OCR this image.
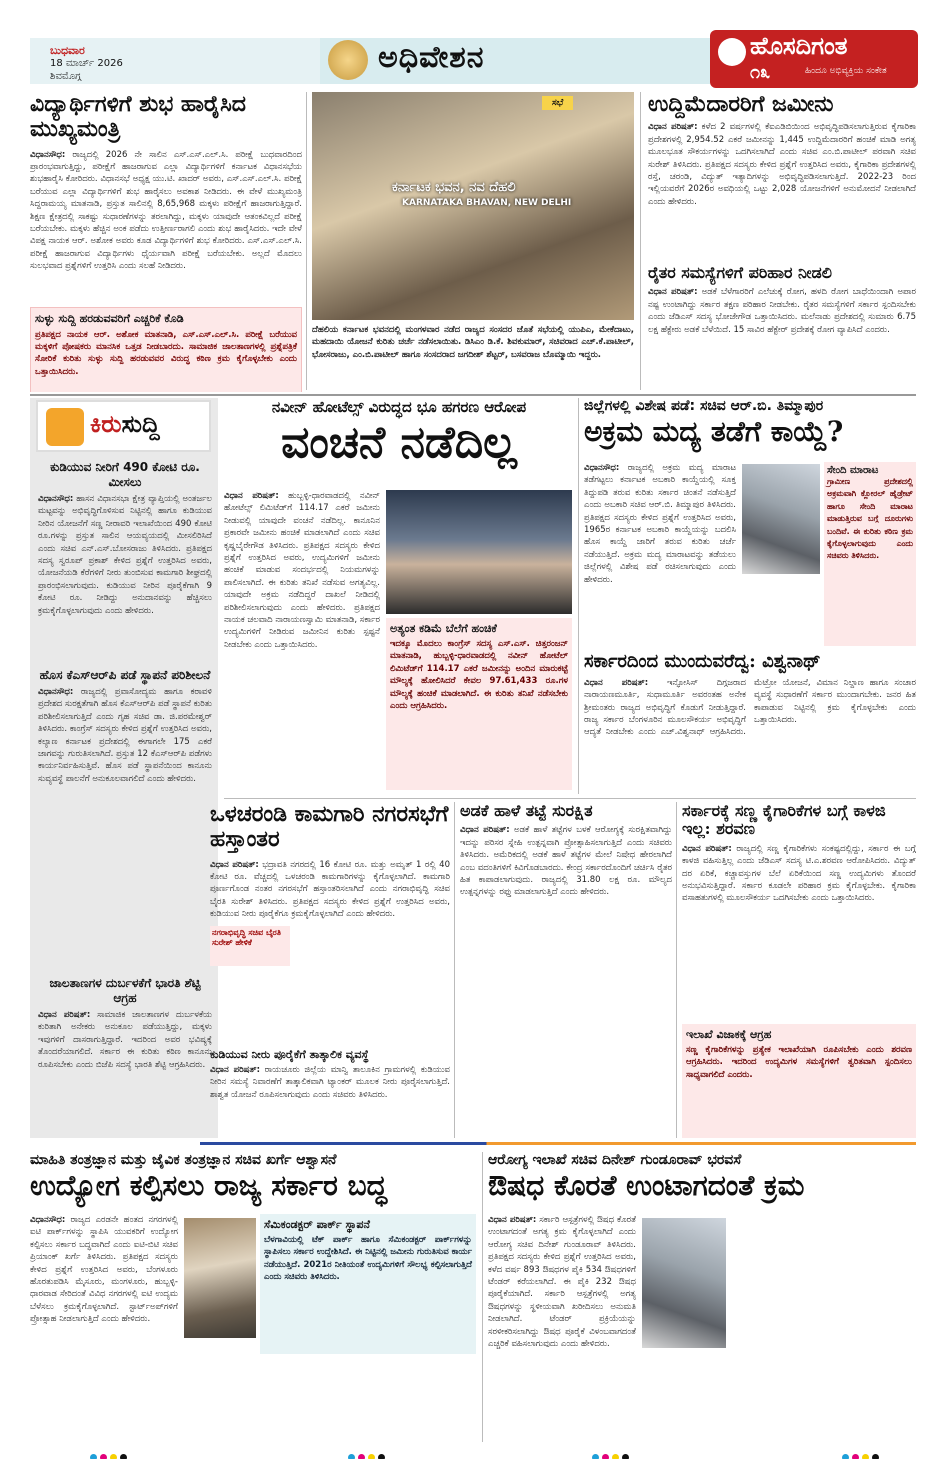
ಬುಧವಾರ
18 ಮಾರ್ಚ್ 2026
ಶಿವಮೊಗ್ಗ
ಅಧಿವೇಶನ	ಹೊಸದಿಗಂತ
೧೩	ಹಿಂದೂ ಅಭಿವ್ಯಕ್ತಿಯ ಸಂಕೇತ
ವಿದ್ಯಾರ್ಥಿಗಳಿಗೆ ಶುಭ ಹಾರೈಸಿದ ಮುಖ್ಯಮಂತ್ರಿ
ವಿಧಾನಸೌಧ: ರಾಜ್ಯದಲ್ಲಿ 2026 ನೇ ಸಾಲಿನ ಎಸ್.ಎಸ್.ಎಲ್.ಸಿ. ಪರೀಕ್ಷೆ ಬುಧವಾರದಿಂದ ಪ್ರಾರಂಭವಾಗುತ್ತಿದ್ದು, ಪರೀಕ್ಷೆಗೆ ಹಾಜರಾಗುವ ಎಲ್ಲಾ ವಿದ್ಯಾರ್ಥಿಗಳಿಗೆ ಕರ್ನಾಟಕ ವಿಧಾನಸಭೆಯ ಶುಭಹಾರೈಸಿ ಕೋರಿದರು. ವಿಧಾನಸಭೆ ಅಧ್ಯಕ್ಷ ಯು.ಟಿ. ಖಾದರ್ ಅವರು, ಎಸ್.ಎಸ್.ಎಲ್.ಸಿ. ಪರೀಕ್ಷೆ ಬರೆಯುವ ಎಲ್ಲಾ ವಿದ್ಯಾರ್ಥಿಗಳಿಗೆ ಶುಭ ಹಾರೈಸಲು ಅವಕಾಶ ನೀಡಿದರು. ಈ ವೇಳೆ ಮುಖ್ಯಮಂತ್ರಿ ಸಿದ್ದರಾಮಯ್ಯ ಮಾತನಾಡಿ, ಪ್ರಸ್ತುತ ಸಾಲಿನಲ್ಲಿ 8,65,968 ಮಕ್ಕಳು ಪರೀಕ್ಷೆಗೆ ಹಾಜರಾಗುತ್ತಿದ್ದಾರೆ. ಶಿಕ್ಷಣ ಕ್ಷೇತ್ರದಲ್ಲಿ ಸಾಕಷ್ಟು ಸುಧಾರಣೆಗಳನ್ನು ತರಲಾಗಿದ್ದು, ಮಕ್ಕಳು ಯಾವುದೇ ಆತಂಕವಿಲ್ಲದೆ ಪರೀಕ್ಷೆ ಬರೆಯಬೇಕು. ಮಕ್ಕಳು ಹೆಚ್ಚಿನ ಅಂಕ ಪಡೆದು ಉತ್ತೀರ್ಣರಾಗಲಿ ಎಂದು ಶುಭ ಹಾರೈಸಿದರು. ಇದೇ ವೇಳೆ ವಿಪಕ್ಷ ನಾಯಕ ಆರ್. ಅಶೋಕ ಅವರು ಕೂಡ ವಿದ್ಯಾರ್ಥಿಗಳಿಗೆ ಶುಭ ಕೋರಿದರು. ಎಸ್.ಎಸ್.ಎಲ್.ಸಿ. ಪರೀಕ್ಷೆ ಹಾಜರಾಗುವ ವಿದ್ಯಾರ್ಥಿಗಳು ಧೈರ್ಯವಾಗಿ ಪರೀಕ್ಷೆ ಬರೆಯಬೇಕು. ಅಲ್ಲದೆ ಮೊದಲು ಸುಲಭವಾದ ಪ್ರಶ್ನೆಗಳಿಗೆ ಉತ್ತರಿಸಿ ಎಂದು ಸಲಹೆ ನೀಡಿದರು.
ಸುಳ್ಳು ಸುದ್ದಿ ಹರಡುವವರಿಗೆ ಎಚ್ಚರಿಕೆ ಕೊಡಿ
ಪ್ರತಿಪಕ್ಷದ ನಾಯಕ ಆರ್. ಅಶೋಕ ಮಾತನಾಡಿ, ಎಸ್.ಎಸ್.ಎಲ್.ಸಿ. ಪರೀಕ್ಷೆ ಬರೆಯುವ ಮಕ್ಕಳಿಗೆ ಪೋಷಕರು ಮಾನಸಿಕ ಒತ್ತಡ ನೀಡಬಾರದು. ಸಾಮಾಜಿಕ ಜಾಲತಾಣಗಳಲ್ಲಿ ಪ್ರಶ್ನೆಪತ್ರಿಕೆ ಸೋರಿಕೆ ಕುರಿತು ಸುಳ್ಳು ಸುದ್ದಿ ಹರಡುವವರ ವಿರುದ್ಧ ಕಠಿಣ ಕ್ರಮ ಕೈಗೊಳ್ಳಬೇಕು ಎಂದು ಒತ್ತಾಯಿಸಿದರು.
ಸಭೆ
ಕರ್ನಾಟಕ ಭವನ, ನವ ದೆಹಲಿ
KARNATAKA BHAVAN, NEW DELHI
ದೆಹಲಿಯ ಕರ್ನಾಟಕ ಭವನದಲ್ಲಿ ಮಂಗಳವಾರ ನಡೆದ ರಾಜ್ಯದ ಸಂಸದರ ಜೊತೆ ಸಭೆಯಲ್ಲಿ ಯುಪಿಎ, ಮೇಕೆದಾಟು, ಮಹದಾಯಿ ಯೋಜನೆ ಕುರಿತು ಚರ್ಚೆ ನಡೆಸಲಾಯಿತು. ಡಿಸಿಎಂ ಡಿ.ಕೆ. ಶಿವಕುಮಾರ್, ಸಚಿವರಾದ ಎಚ್.ಕೆ.ಪಾಟೀಲ್, ಭೋಸರಾಜು, ಎಂ.ಬಿ.ಪಾಟೀಲ್ ಹಾಗೂ ಸಂಸದರಾದ ಜಗದೀಶ್ ಶೆಟ್ಟರ್, ಬಸವರಾಜ ಬೊಮ್ಮಾಯಿ ಇದ್ದರು.
ಉದ್ದಿಮೆದಾರರಿಗೆ ಜಮೀನು
ವಿಧಾನ ಪರಿಷತ್: ಕಳೆದ 2 ವರ್ಷಗಳಲ್ಲಿ ಕೆಐಎಡಿಬಿಯಿಂದ ಅಭಿವೃದ್ಧಿಪಡಿಸಲಾಗುತ್ತಿರುವ ಕೈಗಾರಿಕಾ ಪ್ರದೇಶಗಳಲ್ಲಿ 2,954.52 ಎಕರೆ ಜಮೀನನ್ನು 1,445 ಉದ್ದಿಮೆದಾರರಿಗೆ ಹಂಚಿಕೆ ಮಾಡಿ ಅಗತ್ಯ ಮೂಲಭೂತ ಸೌಕರ್ಯಗಳನ್ನು ಒದಗಿಸಲಾಗಿದೆ ಎಂದು ಸಚಿವ ಎಂ.ಬಿ.ಪಾಟೀಲ್ ಪರವಾಗಿ ಸಚಿವ ಸುರೇಶ್ ತಿಳಿಸಿದರು. ಪ್ರತಿಪಕ್ಷದ ಸದಸ್ಯರು ಕೇಳಿದ ಪ್ರಶ್ನೆಗೆ ಉತ್ತರಿಸಿದ ಅವರು, ಕೈಗಾರಿಕಾ ಪ್ರದೇಶಗಳಲ್ಲಿ ರಸ್ತೆ, ಚರಂಡಿ, ವಿದ್ಯುತ್ ಇತ್ಯಾದಿಗಳನ್ನು ಅಭಿವೃದ್ಧಿಪಡಿಸಲಾಗುತ್ತಿದೆ. 2022-23 ರಿಂದ ಇಲ್ಲಿಯವರೆಗೆ 2026ರ ಅವಧಿಯಲ್ಲಿ ಒಟ್ಟು 2,028 ಯೋಜನೆಗಳಿಗೆ ಅನುಮೋದನೆ ನೀಡಲಾಗಿದೆ ಎಂದು ಹೇಳಿದರು.
ರೈತರ ಸಮಸ್ಯೆಗಳಿಗೆ ಪರಿಹಾರ ನೀಡಲಿ
ವಿಧಾನ ಪರಿಷತ್: ಅಡಕೆ ಬೆಳೆಗಾರರಿಗೆ ಎಲೆಚುಕ್ಕೆ ರೋಗ, ಹಳದಿ ರೋಗ ಬಾಧೆಯಿಂದಾಗಿ ಅಪಾರ ನಷ್ಟ ಉಂಟಾಗಿದ್ದು ಸರ್ಕಾರ ತಕ್ಷಣ ಪರಿಹಾರ ನೀಡಬೇಕು. ರೈತರ ಸಮಸ್ಯೆಗಳಿಗೆ ಸರ್ಕಾರ ಸ್ಪಂದಿಸಬೇಕು ಎಂದು ಜೆಡಿಎಸ್ ಸದಸ್ಯ ಭೋಜೇಗೌಡ ಒತ್ತಾಯಿಸಿದರು. ಮಲೆನಾಡು ಪ್ರದೇಶದಲ್ಲಿ ಸುಮಾರು 6.75 ಲಕ್ಷ ಹೆಕ್ಟೇರು ಅಡಕೆ ಬೆಳೆಯಿದೆ. 15 ಸಾವಿರ ಹೆಕ್ಟೇರ್ ಪ್ರದೇಶಕ್ಕೆ ರೋಗ ವ್ಯಾಪಿಸಿದೆ ಎಂದರು.
ಕಿರುಸುದ್ದಿ
ಕುಡಿಯುವ ನೀರಿಗೆ 490 ಕೋಟಿ ರೂ. ಮೀಸಲು
ವಿಧಾನಸೌಧ: ಹಾಸನ ವಿಧಾನಸಭಾ ಕ್ಷೇತ್ರ ವ್ಯಾಪ್ತಿಯಲ್ಲಿ ಅಂತರ್ಜಲ ಮಟ್ಟವನ್ನು ಅಭಿವೃದ್ಧಿಗೊಳಿಸುವ ನಿಟ್ಟಿನಲ್ಲಿ ಹಾಗೂ ಕುಡಿಯುವ ನೀರಿನ ಯೋಜನೆಗೆ ಸಣ್ಣ ನೀರಾವರಿ ಇಲಾಖೆಯಿಂದ 490 ಕೋಟಿ ರೂ.ಗಳನ್ನು ಪ್ರಸ್ತುತ ಸಾಲಿನ ಆಯವ್ಯಯದಲ್ಲಿ ಮೀಸಲಿರಿಸಿದೆ ಎಂದು ಸಚಿವ ಎನ್.ಎಸ್.ಬೋಸರಾಜು ತಿಳಿಸಿದರು. ಪ್ರತಿಪಕ್ಷದ ಸದಸ್ಯ ಸ್ವರೂಪ್ ಪ್ರಕಾಶ್ ಕೇಳಿದ ಪ್ರಶ್ನೆಗೆ ಉತ್ತರಿಸಿದ ಅವರು, ಯೋಜನೆಯಡಿ ಕೆರೆಗಳಿಗೆ ನೀರು ತುಂಬಿಸುವ ಕಾಮಗಾರಿ ಶೀಘ್ರದಲ್ಲಿ ಪ್ರಾರಂಭಿಸಲಾಗುವುದು. ಕುಡಿಯುವ ನೀರಿನ ಪೂರೈಕೆಗಾಗಿ 9 ಕೋಟಿ ರೂ. ನೀಡಿದ್ದು ಅನುದಾನವನ್ನು ಹೆಚ್ಚಿಸಲು ಕ್ರಮಕೈಗೊಳ್ಳಲಾಗುವುದು ಎಂದು ಹೇಳಿದರು.
ಹೊಸ ಕೆಎಸ್ಆರ್‌ಪಿ ಪಡೆ ಸ್ಥಾಪನೆ ಪರಿಶೀಲನೆ
ವಿಧಾನಸೌಧ: ರಾಜ್ಯದಲ್ಲಿ ಪ್ರವಾಸೋದ್ಯಮ ಹಾಗೂ ಕರಾವಳಿ ಪ್ರದೇಶದ ಸುರಕ್ಷತೆಗಾಗಿ ಹೊಸ ಕೆಎಸ್ಆರ್‌ಪಿ ಪಡೆ ಸ್ಥಾಪನೆ ಕುರಿತು ಪರಿಶೀಲಿಸಲಾಗುತ್ತಿದೆ ಎಂದು ಗೃಹ ಸಚಿವ ಡಾ. ಜಿ.ಪರಮೇಶ್ವರ್ ತಿಳಿಸಿದರು. ಕಾಂಗ್ರೆಸ್ ಸದಸ್ಯರು ಕೇಳಿದ ಪ್ರಶ್ನೆಗೆ ಉತ್ತರಿಸಿದ ಅವರು, ಕಲ್ಯಾಣ ಕರ್ನಾಟಕ ಪ್ರದೇಶದಲ್ಲಿ ಈಗಾಗಲೇ 175 ಎಕರೆ ಜಾಗವನ್ನು ಗುರುತಿಸಲಾಗಿದೆ. ಪ್ರಸ್ತುತ 12 ಕೆಎಸ್ಆರ್‌ಪಿ ಪಡೆಗಳು ಕಾರ್ಯನಿರ್ವಹಿಸುತ್ತಿವೆ. ಹೊಸ ಪಡೆ ಸ್ಥಾಪನೆಯಿಂದ ಕಾನೂನು ಸುವ್ಯವಸ್ಥೆ ಪಾಲನೆಗೆ ಅನುಕೂಲವಾಗಲಿದೆ ಎಂದು ಹೇಳಿದರು.
ಜಾಲತಾಣಗಳ ದುರ್ಬಳಕೆಗೆ ಭಾರತಿ ಶೆಟ್ಟಿ ಆಗ್ರಹ
ವಿಧಾನ ಪರಿಷತ್: ಸಾಮಾಜಿಕ ಜಾಲತಾಣಗಳ ದುರ್ಬಳಕೆಯ ಕುರಿತಾಗಿ ಅನೇಕರು ಅನುಕೂಲ ಪಡೆಯುತ್ತಿದ್ದು, ಮಕ್ಕಳು ಇವುಗಳಿಗೆ ದಾಸರಾಗುತ್ತಿದ್ದಾರೆ. ಇದರಿಂದ ಅವರ ಭವಿಷ್ಯಕ್ಕೆ ತೊಂದರೆಯಾಗಲಿದೆ. ಸರ್ಕಾರ ಈ ಕುರಿತು ಕಠಿಣ ಕಾನೂನು ರೂಪಿಸಬೇಕು ಎಂದು ಬಿಜೆಪಿ ಸದಸ್ಯೆ ಭಾರತಿ ಶೆಟ್ಟಿ ಆಗ್ರಹಿಸಿದರು.
ನವೀನ್ ಹೋಟೆಲ್ಸ್ ವಿರುದ್ಧದ ಭೂ ಹಗರಣ ಆರೋಪ
ವಂಚನೆ ನಡೆದಿಲ್ಲ
ವಿಧಾನ ಪರಿಷತ್: ಹುಬ್ಬಳ್ಳಿ-ಧಾರವಾಡದಲ್ಲಿ ನವೀನ್ ಹೋಟೆಲ್ಸ್ ಲಿಮಿಟೆಡ್‌ಗೆ 114.17 ಎಕರೆ ಜಮೀನು ನೀಡುವಲ್ಲಿ ಯಾವುದೇ ವಂಚನೆ ನಡೆದಿಲ್ಲ. ಕಾನೂನಿನ ಪ್ರಕಾರವೇ ಜಮೀನು ಹಂಚಿಕೆ ಮಾಡಲಾಗಿದೆ ಎಂದು ಸಚಿವ ಕೃಷ್ಣಬೈರೇಗೌಡ ತಿಳಿಸಿದರು. ಪ್ರತಿಪಕ್ಷದ ಸದಸ್ಯರು ಕೇಳಿದ ಪ್ರಶ್ನೆಗೆ ಉತ್ತರಿಸಿದ ಅವರು, ಉದ್ಯಮಿಗಳಿಗೆ ಜಮೀನು ಹಂಚಿಕೆ ಮಾಡುವ ಸಂದರ್ಭದಲ್ಲಿ ನಿಯಮಗಳನ್ನು ಪಾಲಿಸಲಾಗಿದೆ. ಈ ಕುರಿತು ತನಿಖೆ ನಡೆಸುವ ಅಗತ್ಯವಿಲ್ಲ. ಯಾವುದೇ ಅಕ್ರಮ ನಡೆದಿದ್ದರೆ ದಾಖಲೆ ನೀಡಿದಲ್ಲಿ ಪರಿಶೀಲಿಸಲಾಗುವುದು ಎಂದು ಹೇಳಿದರು. ಪ್ರತಿಪಕ್ಷದ ನಾಯಕ ಚಲವಾದಿ ನಾರಾಯಣಸ್ವಾಮಿ ಮಾತನಾಡಿ, ಸರ್ಕಾರ ಉದ್ಯಮಿಗಳಿಗೆ ನೀಡಿರುವ ಜಮೀನಿನ ಕುರಿತು ಸ್ಪಷ್ಟನೆ ನೀಡಬೇಕು ಎಂದು ಒತ್ತಾಯಿಸಿದರು.
ಅತ್ಯಂತ ಕಡಿಮೆ ಬೆಲೆಗೆ ಹಂಚಿಕೆ
ಇದಕ್ಕೂ ಮೊದಲು ಕಾಂಗ್ರೆಸ್ ಸದಸ್ಯ ಎಸ್.ಎಸ್. ಚಿತ್ತರಂಜನ್ ಮಾತನಾಡಿ, ಹುಬ್ಬಳ್ಳಿ-ಧಾರವಾಡದಲ್ಲಿ ನವೀನ್ ಹೋಟೆಲ್ ಲಿಮಿಟೆಡ್‌ಗೆ 114.17 ಎಕರೆ ಜಮೀನನ್ನು ಅಂದಿನ ಮಾರುಕಟ್ಟೆ ಮೌಲ್ಯಕ್ಕೆ ಹೋಲಿಸಿದರೆ ಕೇವಲ 97.61,433 ರೂ.ಗಳ ಮೌಲ್ಯಕ್ಕೆ ಹಂಚಿಕೆ ಮಾಡಲಾಗಿದೆ. ಈ ಕುರಿತು ತನಿಖೆ ನಡೆಸಬೇಕು ಎಂದು ಆಗ್ರಹಿಸಿದರು.
ಜಿಲ್ಲೆಗಳಲ್ಲಿ ವಿಶೇಷ ಪಡೆ: ಸಚಿವ ಆರ್.ಬಿ. ತಿಮ್ಮಾಪುರ
ಅಕ್ರಮ ಮದ್ಯ ತಡೆಗೆ ಕಾಯ್ದೆ?
ವಿಧಾನಸೌಧ: ರಾಜ್ಯದಲ್ಲಿ ಅಕ್ರಮ ಮದ್ಯ ಮಾರಾಟ ತಡೆಗಟ್ಟಲು ಕರ್ನಾಟಕ ಅಬಕಾರಿ ಕಾಯ್ದೆಯಲ್ಲಿ ಸೂಕ್ತ ತಿದ್ದುಪಡಿ ತರುವ ಕುರಿತು ಸರ್ಕಾರ ಚಿಂತನೆ ನಡೆಸುತ್ತಿದೆ ಎಂದು ಅಬಕಾರಿ ಸಚಿವ ಆರ್.ಬಿ. ತಿಮ್ಮಾಪುರ ತಿಳಿಸಿದರು. ಪ್ರತಿಪಕ್ಷದ ಸದಸ್ಯರು ಕೇಳಿದ ಪ್ರಶ್ನೆಗೆ ಉತ್ತರಿಸಿದ ಅವರು, 1965ರ ಕರ್ನಾಟಕ ಅಬಕಾರಿ ಕಾಯ್ದೆಯನ್ನು ಬದಲಿಸಿ ಹೊಸ ಕಾಯ್ದೆ ಜಾರಿಗೆ ತರುವ ಕುರಿತು ಚರ್ಚೆ ನಡೆಯುತ್ತಿದೆ. ಅಕ್ರಮ ಮದ್ಯ ಮಾರಾಟವನ್ನು ತಡೆಯಲು ಜಿಲ್ಲೆಗಳಲ್ಲಿ ವಿಶೇಷ ಪಡೆ ರಚಿಸಲಾಗುವುದು ಎಂದು ಹೇಳಿದರು.
ಸೇಂದಿ ಮಾರಾಟ
ಗ್ರಾಮೀಣ ಪ್ರದೇಶದಲ್ಲಿ ಅಕ್ರಮವಾಗಿ ಕ್ಲೋರಲ್ ಹೈಡ್ರೇಟ್ ಹಾಗೂ ಸೇಂದಿ ಮಾರಾಟ ಮಾಡುತ್ತಿರುವ ಬಗ್ಗೆ ದೂರುಗಳು ಬಂದಿವೆ. ಈ ಕುರಿತು ಕಠಿಣ ಕ್ರಮ ಕೈಗೊಳ್ಳಲಾಗುವುದು ಎಂದು ಸಚಿವರು ತಿಳಿಸಿದರು.
ಸರ್ಕಾರದಿಂದ ಮುಂದುವರೆದ್ವ: ವಿಶ್ವನಾಥ್
ವಿಧಾನ ಪರಿಷತ್: ಇನ್ಫೋಸಿಸ್ ದಿಗ್ಗಜರಾದ ನಾರಾಯಣಮೂರ್ತಿ, ಸುಧಾಮೂರ್ತಿ ಅವರಂತಹ ಅನೇಕ ಶ್ರೀಮಂತರು ರಾಜ್ಯದ ಅಭಿವೃದ್ಧಿಗೆ ಕೊಡುಗೆ ನೀಡುತ್ತಿದ್ದಾರೆ. ರಾಜ್ಯ ಸರ್ಕಾರ ಬೆಂಗಳೂರಿನ ಮೂಲಸೌಕರ್ಯ ಅಭಿವೃದ್ಧಿಗೆ ಆದ್ಯತೆ ನೀಡಬೇಕು ಎಂದು ಎಚ್.ವಿಶ್ವನಾಥ್ ಆಗ್ರಹಿಸಿದರು. ಮೆಟ್ರೋ ಯೋಜನೆ, ವಿಮಾನ ನಿಲ್ದಾಣ ಹಾಗೂ ಸಂಚಾರ ವ್ಯವಸ್ಥೆ ಸುಧಾರಣೆಗೆ ಸರ್ಕಾರ ಮುಂದಾಗಬೇಕು. ಜನರ ಹಿತ ಕಾಪಾಡುವ ನಿಟ್ಟಿನಲ್ಲಿ ಕ್ರಮ ಕೈಗೊಳ್ಳಬೇಕು ಎಂದು ಒತ್ತಾಯಿಸಿದರು.
ಒಳಚರಂಡಿ ಕಾಮಗಾರಿ ನಗರಸಭೆಗೆ ಹಸ್ತಾಂತರ
ವಿಧಾನ ಪರಿಷತ್: ಭದ್ರಾವತಿ ನಗರದಲ್ಲಿ 16 ಕೋಟಿ ರೂ. ಮತ್ತು ಅಮೃತ್ 1 ರಲ್ಲಿ 40 ಕೋಟಿ ರೂ. ವೆಚ್ಚದಲ್ಲಿ ಒಳಚರಂಡಿ ಕಾಮಗಾರಿಗಳನ್ನು ಕೈಗೊಳ್ಳಲಾಗಿದೆ. ಕಾಮಗಾರಿ ಪೂರ್ಣಗೊಂಡ ನಂತರ ನಗರಸಭೆಗೆ ಹಸ್ತಾಂತರಿಸಲಾಗಿದೆ ಎಂದು ನಗರಾಭಿವೃದ್ಧಿ ಸಚಿವ ಬೈರತಿ ಸುರೇಶ್ ತಿಳಿಸಿದರು. ಪ್ರತಿಪಕ್ಷದ ಸದಸ್ಯರು ಕೇಳಿದ ಪ್ರಶ್ನೆಗೆ ಉತ್ತರಿಸಿದ ಅವರು, ಕುಡಿಯುವ ನೀರು ಪೂರೈಕೆಗೂ ಕ್ರಮಕೈಗೊಳ್ಳಲಾಗಿದೆ ಎಂದು ಹೇಳಿದರು.
ನಗರಾಭಿವೃದ್ಧಿ ಸಚಿವ ಬೈರತಿ ಸುರೇಶ್ ಹೇಳಿಕೆ
ಕುಡಿಯುವ ನೀರು ಪೂರೈಕೆಗೆ ತಾತ್ಕಾಲಿಕ ವ್ಯವಸ್ಥೆ
ವಿಧಾನ ಪರಿಷತ್: ರಾಯಚೂರು ಜಿಲ್ಲೆಯ ಮಾನ್ವಿ ತಾಲೂಕಿನ ಗ್ರಾಮಗಳಲ್ಲಿ ಕುಡಿಯುವ ನೀರಿನ ಸಮಸ್ಯೆ ನಿವಾರಣೆಗೆ ತಾತ್ಕಾಲಿಕವಾಗಿ ಟ್ಯಾಂಕರ್ ಮೂಲಕ ನೀರು ಪೂರೈಸಲಾಗುತ್ತಿದೆ. ಶಾಶ್ವತ ಯೋಜನೆ ರೂಪಿಸಲಾಗುವುದು ಎಂದು ಸಚಿವರು ತಿಳಿಸಿದರು.
ಅಡಕೆ ಹಾಳೆ ತಟ್ಟೆ ಸುರಕ್ಷಿತ
ವಿಧಾನ ಪರಿಷತ್: ಅಡಕೆ ಹಾಳೆ ತಟ್ಟೆಗಳ ಬಳಕೆ ಆರೋಗ್ಯಕ್ಕೆ ಸುರಕ್ಷಿತವಾಗಿದ್ದು ಇದನ್ನು ಪರಿಸರ ಸ್ನೇಹಿ ಉತ್ಪನ್ನವಾಗಿ ಪ್ರೋತ್ಸಾಹಿಸಲಾಗುತ್ತಿದೆ ಎಂದು ಸಚಿವರು ತಿಳಿಸಿದರು. ಅಮೆರಿಕದಲ್ಲಿ ಅಡಕೆ ಹಾಳೆ ತಟ್ಟೆಗಳ ಮೇಲೆ ನಿಷೇಧ ಹೇರಲಾಗಿದೆ ಎಂಬ ವದಂತಿಗಳಿಗೆ ಕಿವಿಗೊಡಬಾರದು. ಕೇಂದ್ರ ಸರ್ಕಾರದೊಂದಿಗೆ ಚರ್ಚಿಸಿ ರೈತರ ಹಿತ ಕಾಪಾಡಲಾಗುವುದು. ರಾಜ್ಯದಲ್ಲಿ 31.80 ಲಕ್ಷ ರೂ. ಮೌಲ್ಯದ ಉತ್ಪನ್ನಗಳನ್ನು ರಫ್ತು ಮಾಡಲಾಗುತ್ತಿದೆ ಎಂದು ಹೇಳಿದರು.
ಸರ್ಕಾರಕ್ಕೆ ಸಣ್ಣ ಕೈಗಾರಿಕೆಗಳ ಬಗ್ಗೆ ಕಾಳಜಿ ಇಲ್ಲ: ಶರವಣ
ವಿಧಾನ ಪರಿಷತ್: ರಾಜ್ಯದಲ್ಲಿ ಸಣ್ಣ ಕೈಗಾರಿಕೆಗಳು ಸಂಕಷ್ಟದಲ್ಲಿದ್ದು, ಸರ್ಕಾರ ಈ ಬಗ್ಗೆ ಕಾಳಜಿ ವಹಿಸುತ್ತಿಲ್ಲ ಎಂದು ಜೆಡಿಎಸ್ ಸದಸ್ಯ ಟಿ.ಎ.ಶರವಣ ಆರೋಪಿಸಿದರು. ವಿದ್ಯುತ್ ದರ ಏರಿಕೆ, ಕಚ್ಚಾವಸ್ತುಗಳ ಬೆಲೆ ಏರಿಕೆಯಿಂದ ಸಣ್ಣ ಉದ್ಯಮಿಗಳು ತೊಂದರೆ ಅನುಭವಿಸುತ್ತಿದ್ದಾರೆ. ಸರ್ಕಾರ ಕೂಡಲೇ ಪರಿಹಾರ ಕ್ರಮ ಕೈಗೊಳ್ಳಬೇಕು. ಕೈಗಾರಿಕಾ ವಸಾಹತುಗಳಲ್ಲಿ ಮೂಲಸೌಕರ್ಯ ಒದಗಿಸಬೇಕು ಎಂದು ಒತ್ತಾಯಿಸಿದರು.
ಇಲಾಖೆ ವಿಜಾಕಕ್ಕೆ ಆಗ್ರಹ
ಸಣ್ಣ ಕೈಗಾರಿಕೆಗಳನ್ನು ಪ್ರತ್ಯೇಕ ಇಲಾಖೆಯಾಗಿ ರೂಪಿಸಬೇಕು ಎಂದು ಶರವಣ ಆಗ್ರಹಿಸಿದರು. ಇದರಿಂದ ಉದ್ಯಮಿಗಳ ಸಮಸ್ಯೆಗಳಿಗೆ ತ್ವರಿತವಾಗಿ ಸ್ಪಂದಿಸಲು ಸಾಧ್ಯವಾಗಲಿದೆ ಎಂದರು.
ಮಾಹಿತಿ ತಂತ್ರಜ್ಞಾನ ಮತ್ತು ಜೈವಿಕ ತಂತ್ರಜ್ಞಾನ ಸಚಿವ ಖರ್ಗೆ ಆಶ್ವಾಸನೆ
ಉದ್ಯೋಗ ಕಲ್ಪಿಸಲು ರಾಜ್ಯ ಸರ್ಕಾರ ಬದ್ಧ
ವಿಧಾನಸೌಧ: ರಾಜ್ಯದ ಎರಡನೇ ಹಂತದ ನಗರಗಳಲ್ಲಿ ಐಟಿ ಪಾರ್ಕ್‌ಗಳನ್ನು ಸ್ಥಾಪಿಸಿ ಯುವಕರಿಗೆ ಉದ್ಯೋಗ ಕಲ್ಪಿಸಲು ಸರ್ಕಾರ ಬದ್ಧವಾಗಿದೆ ಎಂದು ಐಟಿ-ಬಿಟಿ ಸಚಿವ ಪ್ರಿಯಾಂಕ್ ಖರ್ಗೆ ತಿಳಿಸಿದರು. ಪ್ರತಿಪಕ್ಷದ ಸದಸ್ಯರು ಕೇಳಿದ ಪ್ರಶ್ನೆಗೆ ಉತ್ತರಿಸಿದ ಅವರು, ಬೆಂಗಳೂರು ಹೊರತುಪಡಿಸಿ ಮೈಸೂರು, ಮಂಗಳೂರು, ಹುಬ್ಬಳ್ಳಿ-ಧಾರವಾಡ ಸೇರಿದಂತೆ ವಿವಿಧ ನಗರಗಳಲ್ಲಿ ಐಟಿ ಉದ್ಯಮ ಬೆಳೆಸಲು ಕ್ರಮಕೈಗೊಳ್ಳಲಾಗಿದೆ. ಸ್ಟಾರ್ಟ್‌ಅಪ್‌ಗಳಿಗೆ ಪ್ರೋತ್ಸಾಹ ನೀಡಲಾಗುತ್ತಿದೆ ಎಂದು ಹೇಳಿದರು.
ಸೆಮಿಕಂಡಕ್ಟರ್ ಪಾರ್ಕ್ ಸ್ಥಾಪನೆ
ಬೆಳಗಾವಿಯಲ್ಲಿ ಟೆಕ್ ಪಾರ್ಕ್ ಹಾಗೂ ಸೆಮಿಕಂಡಕ್ಟರ್ ಪಾರ್ಕ್‌ಗಳನ್ನು ಸ್ಥಾಪಿಸಲು ಸರ್ಕಾರ ಉದ್ದೇಶಿಸಿದೆ. ಈ ನಿಟ್ಟಿನಲ್ಲಿ ಜಮೀನು ಗುರುತಿಸುವ ಕಾರ್ಯ ನಡೆಯುತ್ತಿದೆ. 2021ರ ನೀತಿಯಂತೆ ಉದ್ಯಮಿಗಳಿಗೆ ಸೌಲಭ್ಯ ಕಲ್ಪಿಸಲಾಗುತ್ತಿದೆ ಎಂದು ಸಚಿವರು ತಿಳಿಸಿದರು.
ಆರೋಗ್ಯ ಇಲಾಖೆ ಸಚಿವ ದಿನೇಶ್ ಗುಂಡೂರಾವ್ ಭರವಸೆ
ಔಷಧ ಕೊರತೆ ಉಂಟಾಗದಂತೆ ಕ್ರಮ
ವಿಧಾನ ಪರಿಷತ್: ಸರ್ಕಾರಿ ಆಸ್ಪತ್ರೆಗಳಲ್ಲಿ ಔಷಧ ಕೊರತೆ ಉಂಟಾಗದಂತೆ ಅಗತ್ಯ ಕ್ರಮ ಕೈಗೊಳ್ಳಲಾಗಿದೆ ಎಂದು ಆರೋಗ್ಯ ಸಚಿವ ದಿನೇಶ್ ಗುಂಡೂರಾವ್ ತಿಳಿಸಿದರು. ಪ್ರತಿಪಕ್ಷದ ಸದಸ್ಯರು ಕೇಳಿದ ಪ್ರಶ್ನೆಗೆ ಉತ್ತರಿಸಿದ ಅವರು, ಕಳೆದ ವರ್ಷ 893 ಔಷಧಗಳ ಪೈಕಿ 534 ಔಷಧಗಳಿಗೆ ಟೆಂಡರ್ ಕರೆಯಲಾಗಿದೆ. ಈ ಪೈಕಿ 232 ಔಷಧ ಪೂರೈಕೆಯಾಗಿದೆ. ಸರ್ಕಾರಿ ಆಸ್ಪತ್ರೆಗಳಲ್ಲಿ ಅಗತ್ಯ ಔಷಧಗಳನ್ನು ಸ್ಥಳೀಯವಾಗಿ ಖರೀದಿಸಲು ಅನುಮತಿ ನೀಡಲಾಗಿದೆ. ಟೆಂಡರ್ ಪ್ರಕ್ರಿಯೆಯನ್ನು ಸರಳೀಕರಿಸಲಾಗಿದ್ದು ಔಷಧ ಪೂರೈಕೆ ವಿಳಂಬವಾಗದಂತೆ ಎಚ್ಚರಿಕೆ ವಹಿಸಲಾಗುವುದು ಎಂದು ಹೇಳಿದರು.
